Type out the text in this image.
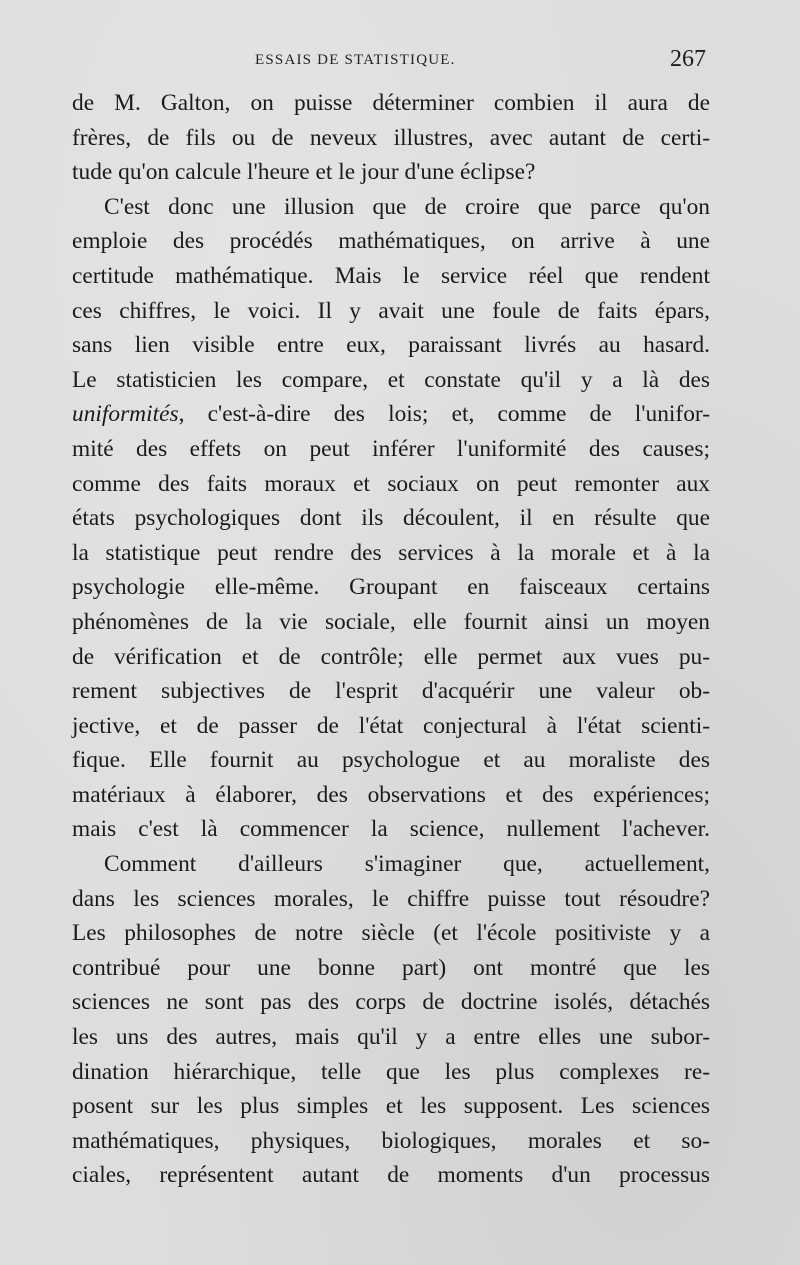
ESSAIS DE STATISTIQUE.	267
de M. Galton, on puisse déterminer combien il aura de
frères, de fils ou de neveux illustres, avec autant de certi-
tude qu'on calcule l'heure et le jour d'une éclipse?
C'est donc une illusion que de croire que parce qu'on
emploie des procédés mathématiques, on arrive à une
certitude mathématique. Mais le service réel que rendent
ces chiffres, le voici. Il y avait une foule de faits épars,
sans lien visible entre eux, paraissant livrés au hasard.
Le statisticien les compare, et constate qu'il y a là des
uniformités, c'est-à-dire des lois; et, comme de l'unifor-
mité des effets on peut inférer l'uniformité des causes;
comme des faits moraux et sociaux on peut remonter aux
états psychologiques dont ils découlent, il en résulte que
la statistique peut rendre des services à la morale et à la
psychologie elle-même. Groupant en faisceaux certains
phénomènes de la vie sociale, elle fournit ainsi un moyen
de vérification et de contrôle; elle permet aux vues pu-
rement subjectives de l'esprit d'acquérir une valeur ob-
jective, et de passer de l'état conjectural à l'état scienti-
fique. Elle fournit au psychologue et au moraliste des
matériaux à élaborer, des observations et des expériences;
mais c'est là commencer la science, nullement l'achever.
Comment d'ailleurs s'imaginer que, actuellement,
dans les sciences morales, le chiffre puisse tout résoudre?
Les philosophes de notre siècle (et l'école positiviste y a
contribué pour une bonne part) ont montré que les
sciences ne sont pas des corps de doctrine isolés, détachés
les uns des autres, mais qu'il y a entre elles une subor-
dination hiérarchique, telle que les plus complexes re-
posent sur les plus simples et les supposent. Les sciences
mathématiques, physiques, biologiques, morales et so-
ciales, représentent autant de moments d'un processus
